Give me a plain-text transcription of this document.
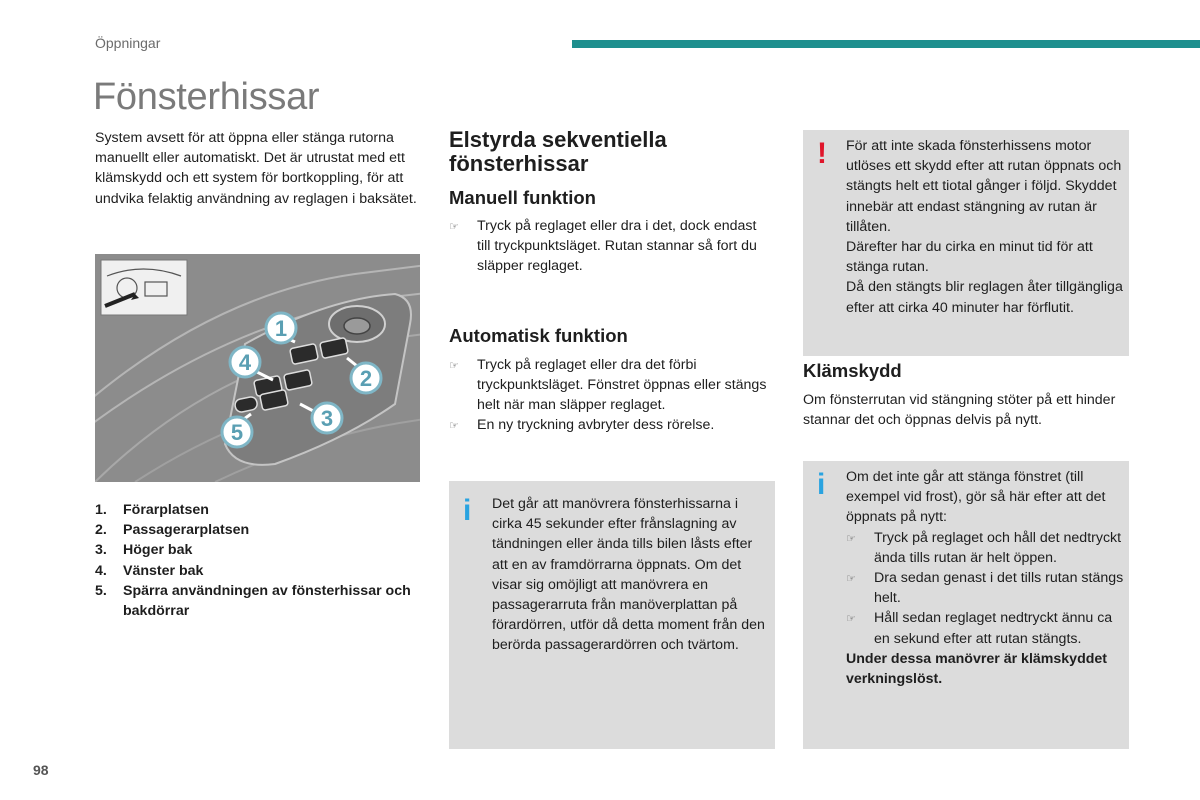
Öppningar
Fönsterhissar
System avsett för att öppna eller stänga rutorna manuellt eller automatiskt. Det är utrustat med ett klämskydd och ett system för bortkoppling, för att undvika felaktig användning av reglagen i baksätet.
1
2
3
4
5
1.	Förarplatsen
2.	Passagerarplatsen
3.	Höger bak
4.	Vänster bak
5.	Spärra användningen av fönsterhissar och bakdörrar
Elstyrda sekventiella fönsterhissar
Manuell funktion
☞	Tryck på reglaget eller dra i det, dock endast till tryckpunktsläget. Rutan stannar så fort du släpper reglaget.
Automatisk funktion
☞	Tryck på reglaget eller dra det förbi tryckpunktsläget. Fönstret öppnas eller stängs helt när man släpper reglaget.
☞	En ny tryckning avbryter dess rörelse.
i Det går att manövrera fönsterhissarna i cirka 45 sekunder efter frånslagning av tändningen eller ända tills bilen låsts efter att en av framdörrarna öppnats. Om det visar sig omöjligt att manövrera en passagerarruta från manöverplattan på förardörren, utför då detta moment från den berörda passagerardörren och tvärtom.
! För att inte skada fönsterhissens motor utlöses ett skydd efter att rutan öppnats och stängts helt ett tiotal gånger i följd. Skyddet innebär att endast stängning av rutan är tillåten.
Därefter har du cirka en minut tid för att stänga rutan.
Då den stängts blir reglagen åter tillgängliga efter att cirka 40 minuter har förflutit.
Klämskydd
Om fönsterrutan vid stängning stöter på ett hinder stannar det och öppnas delvis på nytt.
i Om det inte går att stänga fönstret (till exempel vid frost), gör så här efter att det öppnats på nytt:
☞	Tryck på reglaget och håll det nedtryckt ända tills rutan är helt öppen.
☞	Dra sedan genast i det tills rutan stängs helt.
☞	Håll sedan reglaget nedtryckt ännu ca en sekund efter att rutan stängts.
Under dessa manövrer är klämskyddet verkningslöst.
98
